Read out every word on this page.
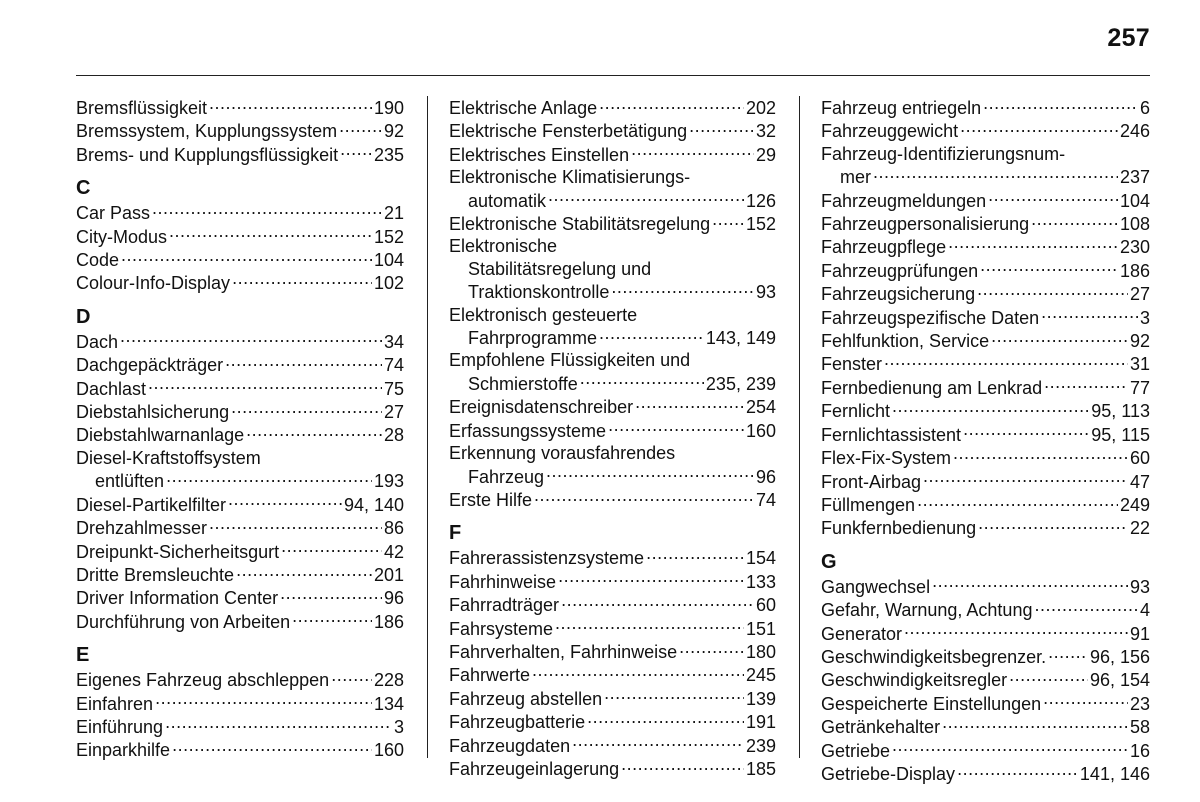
257
Bremsflüssigkeit .....	190
Bremssystem, Kupplungssystem .....	92
Brems- und Kupplungsflüssigkeit ..... 235
C
Car Pass .....	21
City-Modus .....	152
Code .....	104
Colour-Info-Display .....	102
D
Dach .....	34
Dachgepäckträger .....	74
Dachlast .....	75
Diebstahlsicherung .....	27
Diebstahlwarnanlage .....	28
Diesel-Kraftstoffsystem
entlüften .....	193
Diesel-Partikelfilter .....	94, 140
Drehzahlmesser .....	86
Dreipunkt-Sicherheitsgurt .....	42
Dritte Bremsleuchte .....	201
Driver Information Center .....	96
Durchführung von Arbeiten .....	186
E
Eigenes Fahrzeug abschleppen ..... 228
Einfahren .....	134
Einführung .....	3
Einparkhilfe .....	160
Elektrische Anlage .....	202
Elektrische Fensterbetätigung .....	32
Elektrisches Einstellen .....	29
Elektronische Klimatisierungs-
automatik .....	126
Elektronische Stabilitätsregelung ..... 152
Elektronische
Stabilitätsregelung und
Traktionskontrolle .....	93
Elektronisch gesteuerte
Fahrprogramme .....	143, 149
Empfohlene Flüssigkeiten und
Schmierstoffe .....	235, 239
Ereignisdatenschreiber .....	254
Erfassungssysteme .....	160
Erkennung vorausfahrendes
Fahrzeug .....	96
Erste Hilfe .....	74
F
Fahrerassistenzsysteme .....	154
Fahrhinweise .....	133
Fahrradträger .....	60
Fahrsysteme .....	151
Fahrverhalten, Fahrhinweise .....	180
Fahrwerte .....	245
Fahrzeug abstellen .....	139
Fahrzeugbatterie .....	191
Fahrzeugdaten .....	239
Fahrzeugeinlagerung .....	185
Fahrzeug entriegeln .....	6
Fahrzeuggewicht .....	246
Fahrzeug-Identifizierungsnum-
mer .....	237
Fahrzeugmeldungen .....	104
Fahrzeugpersonalisierung .....	108
Fahrzeugpflege .....	230
Fahrzeugprüfungen .....	186
Fahrzeugsicherung .....	27
Fahrzeugspezifische Daten .....	3
Fehlfunktion, Service .....	92
Fenster .....	31
Fernbedienung am Lenkrad .....	77
Fernlicht .....	95, 113
Fernlichtassistent .....	95, 115
Flex-Fix-System .....	60
Front-Airbag .....	47
Füllmengen .....	249
Funkfernbedienung .....	22
G
Gangwechsel .....	93
Gefahr, Warnung, Achtung .....	4
Generator .....	91
Geschwindigkeitsbegrenzer. ..... 96, 156
Geschwindigkeitsregler .....	96, 154
Gespeicherte Einstellungen .....	23
Getränkehalter .....	58
Getriebe .....	16
Getriebe-Display .....	141, 146
